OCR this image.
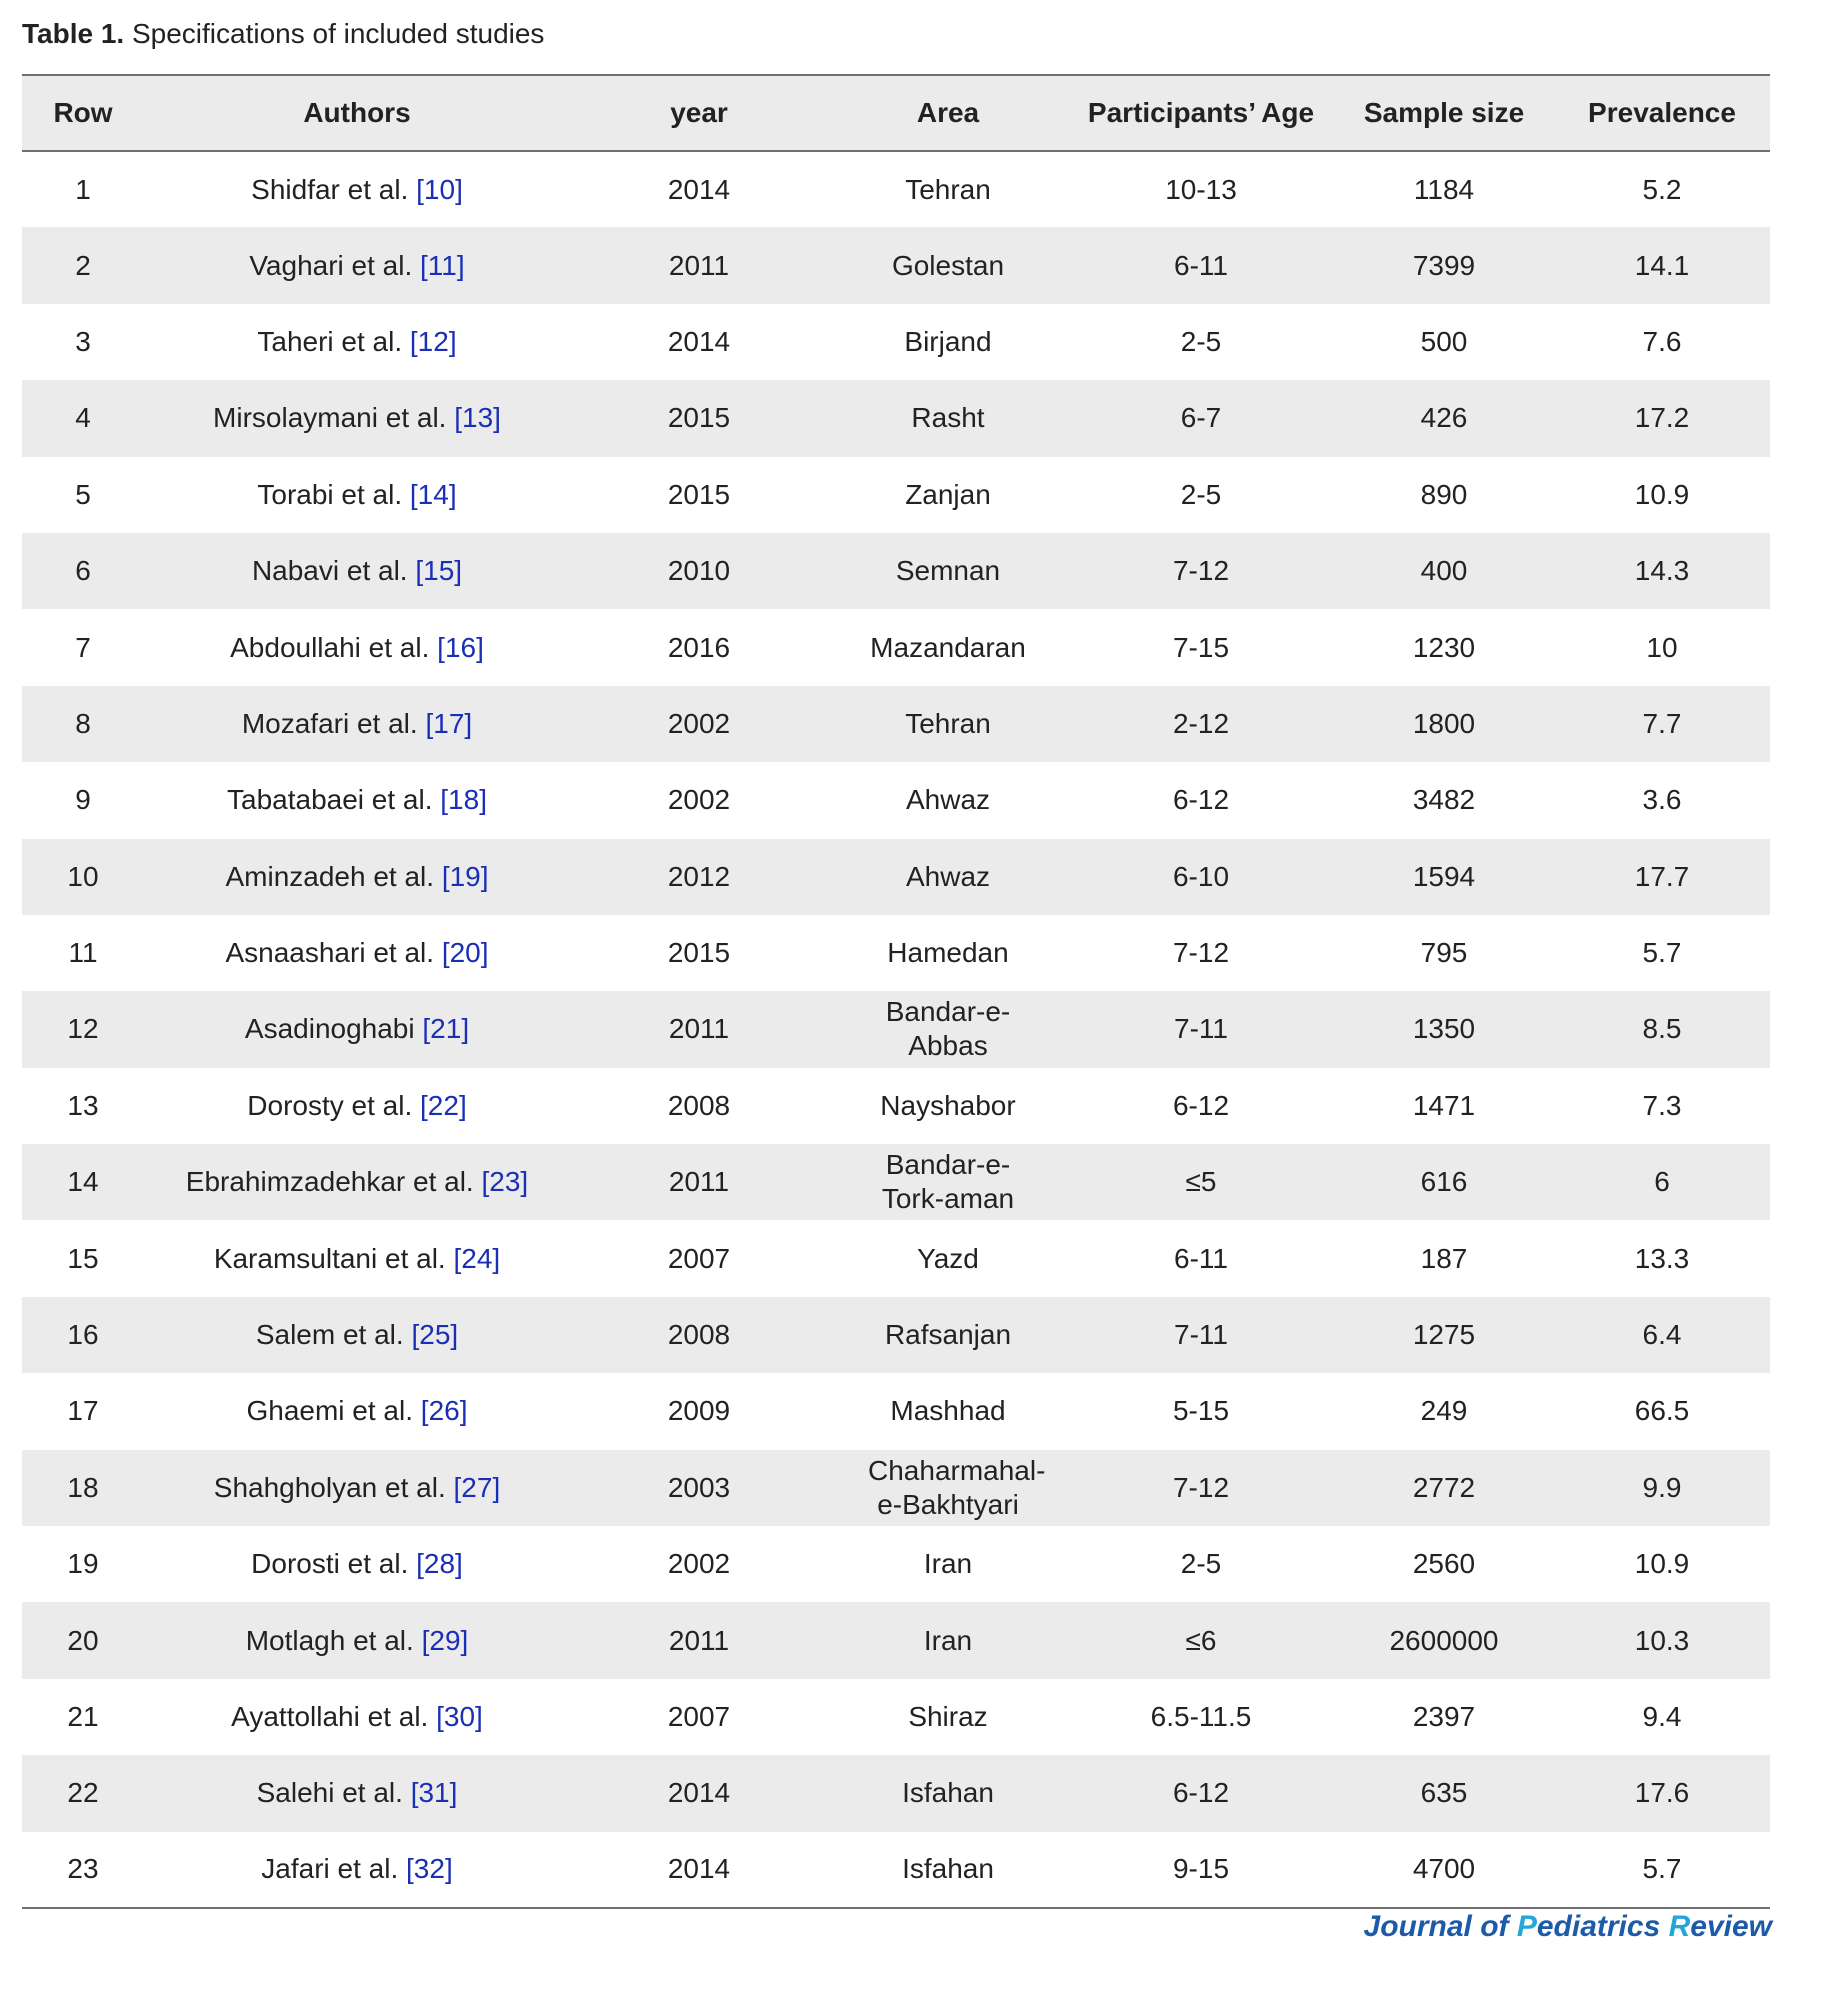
Table 1. Specifications of included studies
Row	Authors	year	Area	Participants’ Age	Sample size	Prevalence
1	Shidfar et al. [10]	2014	Tehran	10-13	1184	5.2
2	Vaghari et al. [11]	2011	Golestan	6-11	7399	14.1
3	Taheri et al. [12]	2014	Birjand	2-5	500	7.6
4	Mirsolaymani et al. [13]	2015	Rasht	6-7	426	17.2
5	Torabi et al. [14]	2015	Zanjan	2-5	890	10.9
6	Nabavi et al. [15]	2010	Semnan	7-12	400	14.3
7	Abdoullahi et al. [16]	2016	Mazandaran	7-15	1230	10
8	Mozafari et al. [17]	2002	Tehran	2-12	1800	7.7
9	Tabatabaei et al. [18]	2002	Ahwaz	6-12	3482	3.6
10	Aminzadeh et al. [19]	2012	Ahwaz	6-10	1594	17.7
11	Asnaashari et al. [20]	2015	Hamedan	7-12	795	5.7
12	Asadinoghabi [21]	2011	Bandar-e-Abbas	7-11	1350	8.5
13	Dorosty et al. [22]	2008	Nayshabor	6-12	1471	7.3
14	Ebrahimzadehkar et al. [23]	2011	Bandar-e-Tork-aman	≤5	616	6
15	Karamsultani et al. [24]	2007	Yazd	6-11	187	13.3
16	Salem et al. [25]	2008	Rafsanjan	7-11	1275	6.4
17	Ghaemi et al. [26]	2009	Mashhad	5-15	249	66.5
18	Shahgholyan et al. [27]	2003	Chaharmahal-e-Bakhtyari	7-12	2772	9.9
19	Dorosti et al. [28]	2002	Iran	2-5	2560	10.9
20	Motlagh et al. [29]	2011	Iran	≤6	2600000	10.3
21	Ayattollahi et al. [30]	2007	Shiraz	6.5-11.5	2397	9.4
22	Salehi et al. [31]	2014	Isfahan	6-12	635	17.6
23	Jafari et al. [32]	2014	Isfahan	9-15	4700	5.7
Journal of Pediatrics Review
